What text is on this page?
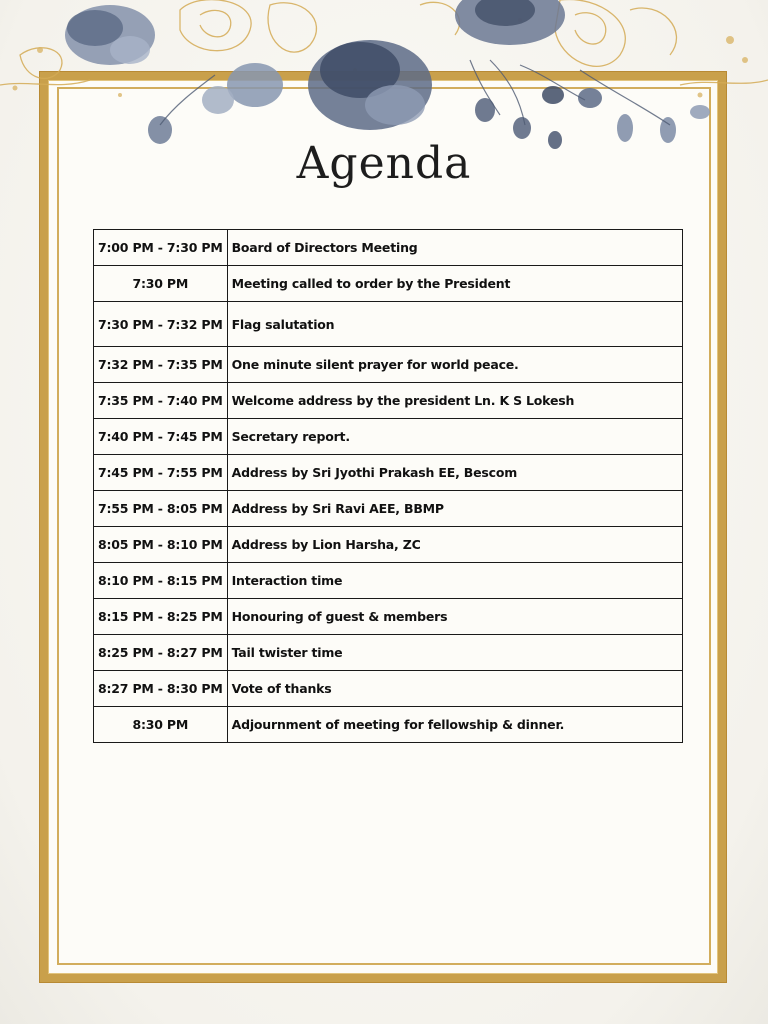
Agenda
7:00 PM - 7:30 PM	Board of Directors Meeting
7:30 PM	Meeting called to order by the President
7:30 PM - 7:32 PM	Flag salutation
7:32 PM - 7:35 PM	One minute silent prayer for world peace.
7:35 PM - 7:40 PM	Welcome address by the president Ln. K S Lokesh
7:40 PM - 7:45 PM	Secretary report.
7:45 PM - 7:55 PM	Address by Sri Jyothi Prakash EE, Bescom
7:55 PM - 8:05 PM	Address by Sri Ravi AEE, BBMP
8:05 PM - 8:10 PM	Address by Lion Harsha, ZC
8:10 PM - 8:15 PM	Interaction time
8:15 PM - 8:25 PM	Honouring of guest & members
8:25 PM - 8:27 PM	Tail twister time
8:27 PM - 8:30 PM	Vote of thanks
8:30 PM	Adjournment of meeting for fellowship & dinner.
